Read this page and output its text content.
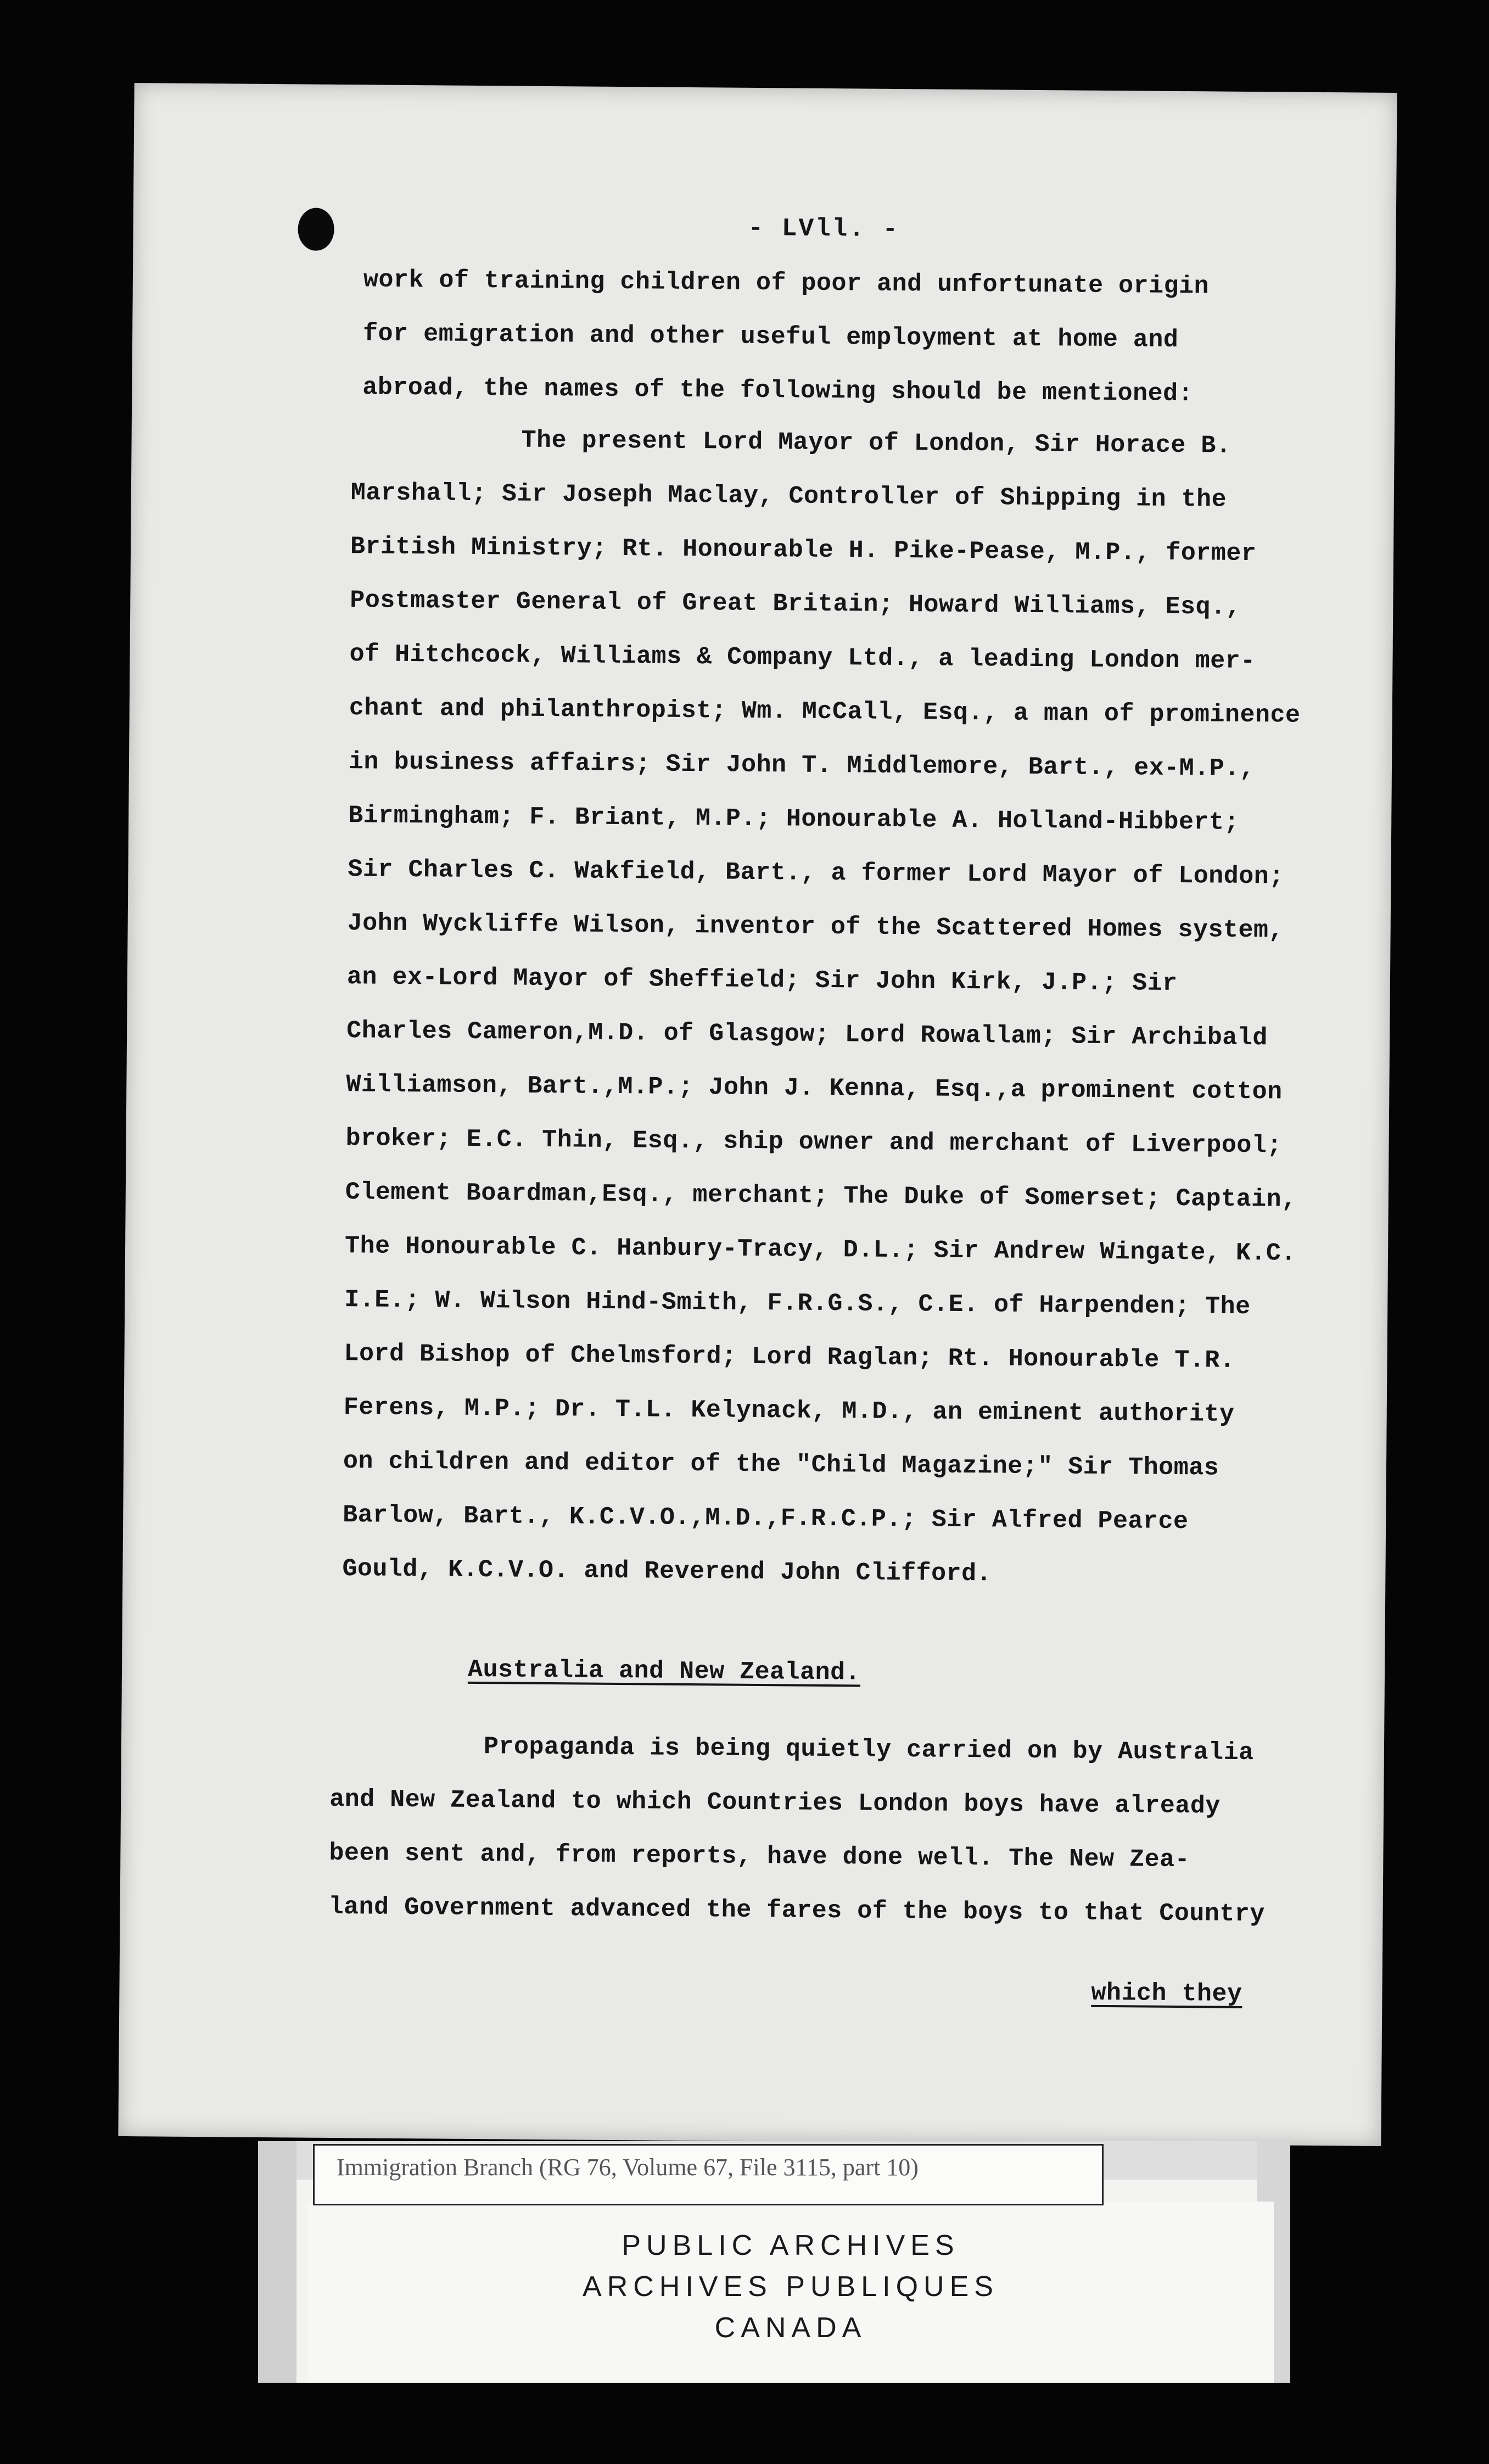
- LVll. -
work of training children of poor and unfortunate origin
for emigration and other useful employment at home and
abroad, the names of the following should be mentioned:
The present Lord Mayor of London, Sir Horace B.
Marshall; Sir Joseph Maclay, Controller of Shipping in the
British Ministry; Rt. Honourable H. Pike-Pease, M.P., former
Postmaster General of Great Britain; Howard Williams, Esq.,
of Hitchcock, Williams & Company Ltd., a leading London mer-
chant and philanthropist; Wm. McCall, Esq., a man of prominence
in business affairs; Sir John T. Middlemore, Bart., ex-M.P.,
Birmingham; F. Briant, M.P.; Honourable A. Holland-Hibbert;
Sir Charles C. Wakfield, Bart., a former Lord Mayor of London;
John Wyckliffe Wilson, inventor of the Scattered Homes system,
an ex-Lord Mayor of Sheffield; Sir John Kirk, J.P.; Sir
Charles Cameron,M.D. of Glasgow; Lord Rowallam; Sir Archibald
Williamson, Bart.,M.P.; John J. Kenna, Esq.,a prominent cotton
broker; E.C. Thin, Esq., ship owner and merchant of Liverpool;
Clement Boardman,Esq., merchant; The Duke of Somerset; Captain,
The Honourable C. Hanbury-Tracy, D.L.; Sir Andrew Wingate, K.C.
I.E.; W. Wilson Hind-Smith, F.R.G.S., C.E. of Harpenden; The
Lord Bishop of Chelmsford; Lord Raglan; Rt. Honourable T.R.
Ferens, M.P.; Dr. T.L. Kelynack, M.D., an eminent authority
on children and editor of the "Child Magazine;" Sir Thomas
Barlow, Bart., K.C.V.O.,M.D.,F.R.C.P.; Sir Alfred Pearce
Gould, K.C.V.O. and Reverend John Clifford.
Australia and New Zealand.
Propaganda is being quietly carried on by Australia
and New Zealand to which Countries London boys have already
been sent and, from reports, have done well. The New Zea-
land Government advanced the fares of the boys to that Country
which they
PUBLIC ARCHIVES
ARCHIVES PUBLIQUES
CANADA
Immigration Branch (RG 76, Volume 67, File 3115, part 10)
